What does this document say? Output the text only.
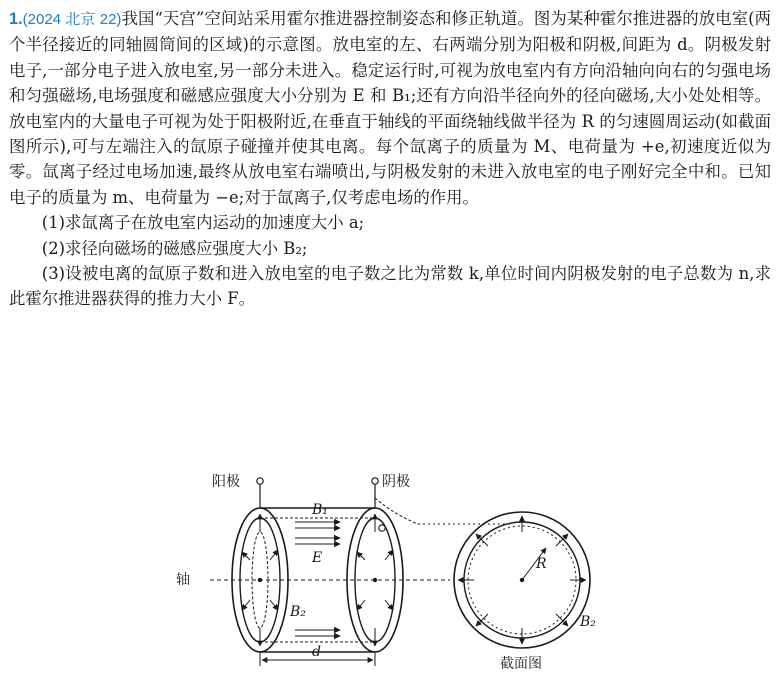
1.(2024 北京 22)我国“天宫”空间站采用霍尔推进器控制姿态和修正轨道。图为某种霍尔推进器的放电室(两个半径接近的同轴圆筒间的区域)的示意图。放电室的左、右两端分别为阳极和阴极,间距为 d。阴极发射电子,一部分电子进入放电室,另一部分未进入。稳定运行时,可视为放电室内有方向沿轴向向右的匀强电场和匀强磁场,电场强度和磁感应强度大小分别为 E 和 B₁;还有方向沿半径向外的径向磁场,大小处处相等。放电室内的大量电子可视为处于阳极附近,在垂直于轴线的平面绕轴线做半径为 R 的匀速圆周运动(如截面图所示),可与左端注入的氙原子碰撞并使其电离。每个氙离子的质量为 M、电荷量为 +e,初速度近似为零。氙离子经过电场加速,最终从放电室右端喷出,与阴极发射的未进入放电室的电子刚好完全中和。已知电子的质量为 m、电荷量为 −e;对于氙离子,仅考虑电场的作用。

(1)求氙离子在放电室内运动的加速度大小 a;

(2)求径向磁场的磁感应强度大小 B₂;

(3)设被电离的氙原子数和进入放电室的电子数之比为常数 k,单位时间内阴极发射的电子总数为 n,求此霍尔推进器获得的推力大小 F。

阳极	阴极
B₁
E
B₂
轴
d
R
B₂
截面图
